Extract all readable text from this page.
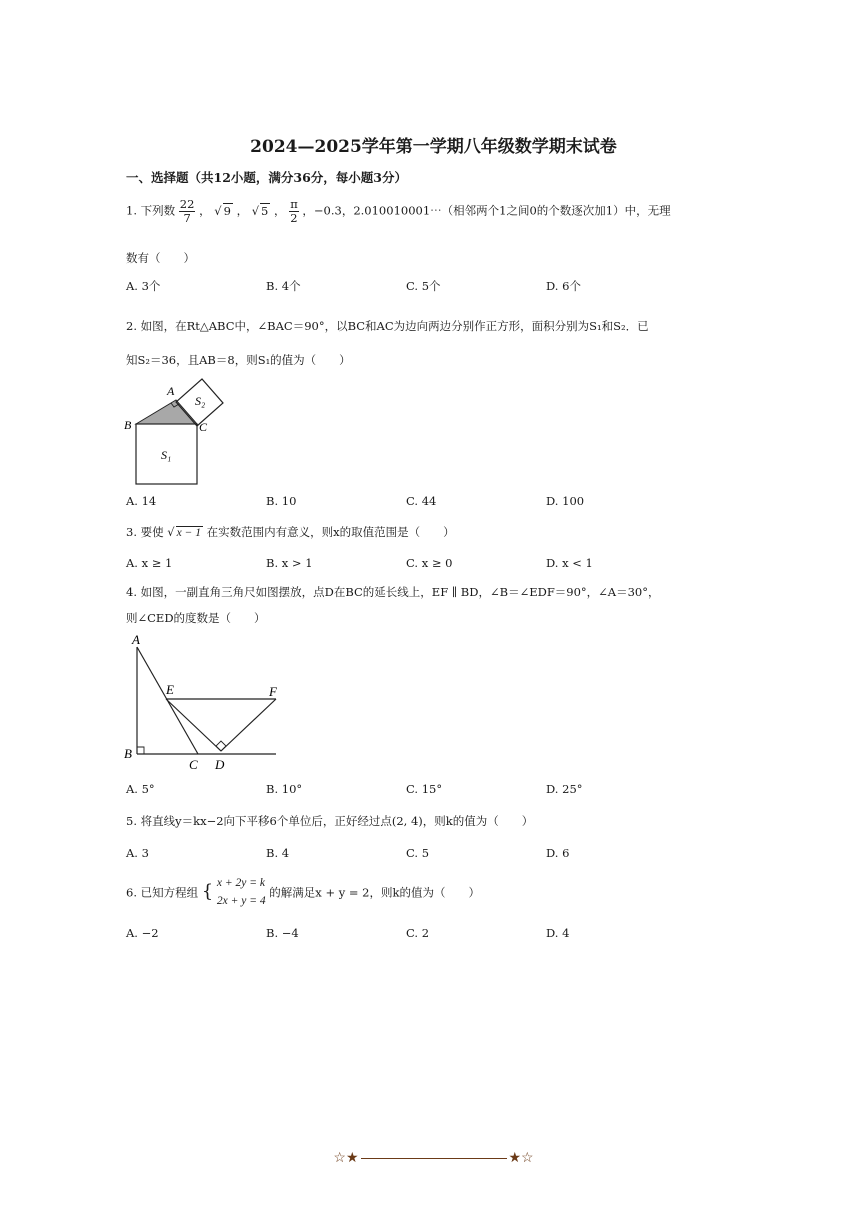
2024—2025学年第一学期八年级数学期末试卷
一、选择题（共12小题，满分36分，每小题3分）
1. 下列数 $\frac{22}{7}$ ， √ 9 ， √ 5 ， $\frac{\pi}{2}$ ，−0.3，2.010010001⋯（相邻两个1之间0的个数逐次加1）中，无理
数有（　　）
A. 3个	B. 4个	C. 5个	D. 6个
2. 如图，在Rt△ABC中，∠BAC＝90°，以BC和AC为边向两边分别作正方形，面积分别为S₁和S₂．已
知S₂＝36，且AB＝8，则S₁的值为（　　）
A
B	C
S₁
S₂
A. 14	B. 10	C. 44	D. 100
3. 要使 √ x − 1 在实数范围内有意义，则x的取值范围是（　　）
A. x ≥ 1	B. x > 1	C. x ≥ 0	D. x < 1
4. 如图，一副直角三角尺如图摆放，点D在BC的延长线上，EF ∥ BD，∠B＝∠EDF＝90°，∠A＝30°，
则∠CED的度数是（　　）
A
B
C D
E	F
A. 5°	B. 10°	C. 15°	D. 25°
5. 将直线y＝kx−2向下平移6个单位后，正好经过点(2, 4)，则k的值为（　　）
A. 3	B. 4	C. 5	D. 6
6. 已知方程组 { x + 2y = k
2x + y = 4
的解满足x + y = 2，则k的值为（　　）
A. −2	B. −4	C. 2	D. 4
☆★	★☆
